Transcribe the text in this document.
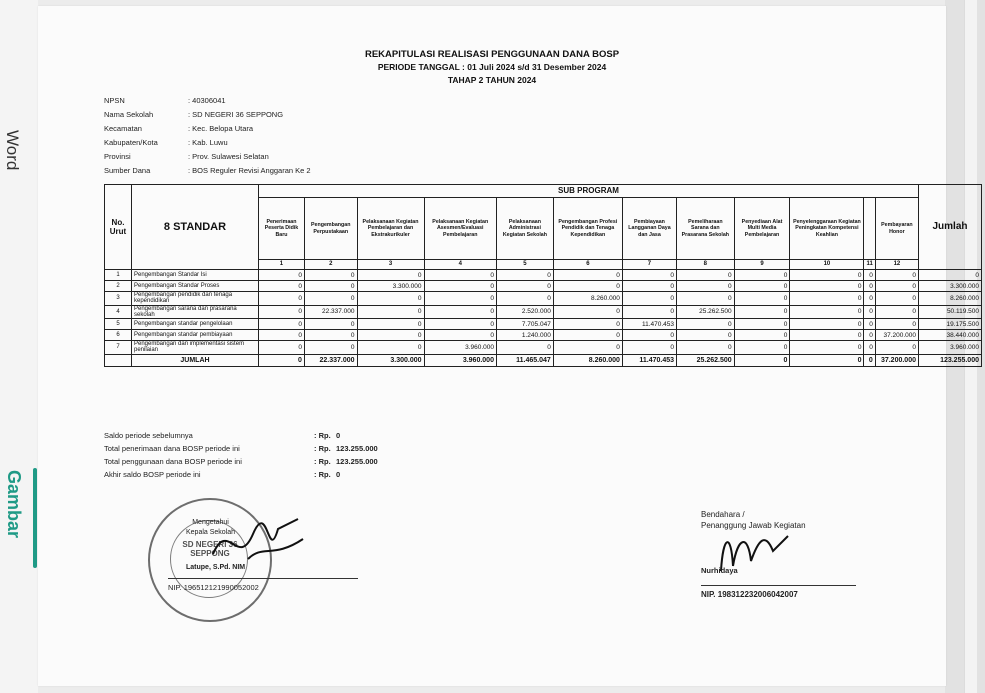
Word
Gambar
REKAPITULASI REALISASI PENGGUNAAN DANA BOSP
PERIODE TANGGAL : 01 Juli 2024 s/d 31 Desember 2024
TAHAP 2 TAHUN 2024
NPSN	: 40306041
Nama Sekolah	: SD NEGERI 36 SEPPONG
Kecamatan	: Kec. Belopa Utara
Kabupaten/Kota	: Kab. Luwu
Provinsi	: Prov. Sulawesi Selatan
Sumber Dana	: BOS Reguler Revisi Anggaran Ke 2
No. Urut	8 STANDAR	SUB PROGRAM												Jumlah
		Penerimaan Peserta Didik Baru	Pengembangan Perpustakaan	Pelaksanaan Kegiatan Pembelajaran dan Ekstrakurikuler	Pelaksanaan Kegiatan Asesmen/Evaluasi Pembelajaran	Pelaksanaan Administrasi Kegiatan Sekolah	Pengembangan Profesi Pendidik dan Tenaga Kependidikan	Pembiayaan Langganan Daya dan Jasa	Pemeliharaan Sarana dan Prasarana Sekolah	Penyediaan Alat Multi Media Pembelajaran	Penyelenggaraan Kegiatan Peningkatan Kompetensi Keahlian		Pembayaran Honor	
		1	2	3	4	5	6	7	8	9	10	11	12	
1	Pengembangan Standar Isi	0	0	0	0	0	0	0	0	0	0	0	0	0
2	Pengembangan Standar Proses	0	0	3.300.000	0	0	0	0	0	0	0	0	0	3.300.000
3	Pengembangan pendidik dan tenaga kependidikan	0	0	0	0	0	8.260.000	0	0	0	0	0	0	8.260.000
4	Pengembangan sarana dan prasarana sekolah	0	22.337.000	0	0	2.520.000	0	0	25.262.500	0	0	0	0	50.119.500
5	Pengembangan standar pengelolaan	0	0	0	0	7.705.047	0	11.470.453	0	0	0	0	0	19.175.500
6	Pengembangan standar pembiayaan	0	0	0	0	1.240.000	0	0	0	0	0	0	37.200.000	38.440.000
7	Pengembangan dan implementasi sistem penilaian	0	0	0	3.960.000	0	0	0	0	0	0	0	0	3.960.000
	JUMLAH	0	22.337.000	3.300.000	3.960.000	11.465.047	8.260.000	11.470.453	25.262.500	0	0	0	37.200.000	123.255.000
Saldo periode sebelumnya	: Rp. 0
Total penerimaan dana BOSP periode ini	: Rp. 123.255.000
Total penggunaan dana BOSP periode ini	: Rp. 123.255.000
Akhir saldo BOSP periode ini	: Rp. 0
SD NEGERI 36 SEPPONG
Mengetahui
Kepala Sekolah
Latupe, S.Pd. NIM
NIP. 196512121990052002
Bendahara /
Penanggung Jawab Kegiatan
Nurhidaya
NIP. 198312232006042007
